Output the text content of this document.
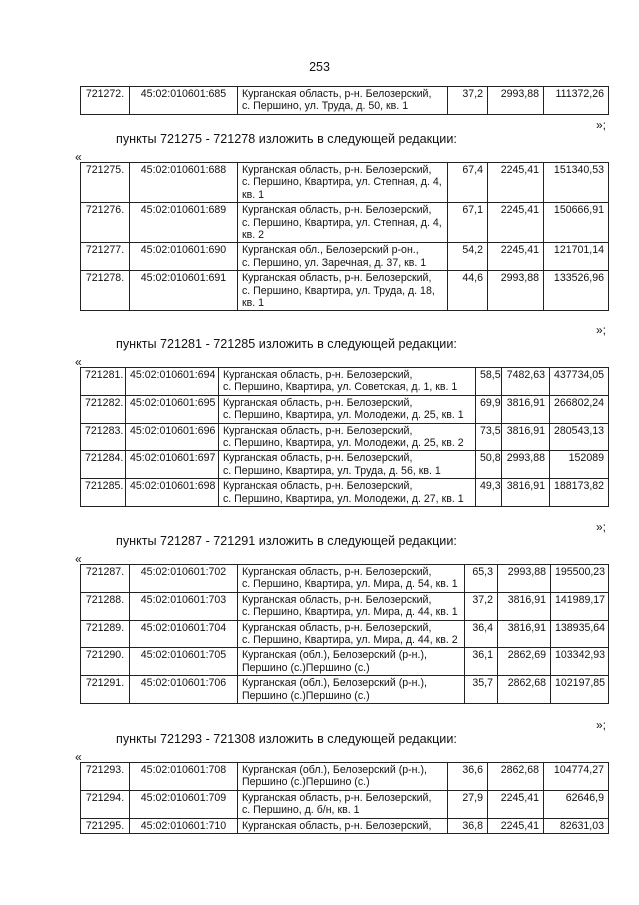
253
721272.	45:02:010601:685	Курганская область, р-н. Белозерский,
с. Першино, ул. Труда, д. 50, кв. 1	37,2	2993,88	111372,26
»;
пункты 721275 - 721278 изложить в следующей редакции:
«
721275.	45:02:010601:688	Курганская область, р-н. Белозерский,
с. Першино, Квартира, ул. Степная, д. 4,
кв. 1	67,4	2245,41	151340,53
721276.	45:02:010601:689	Курганская область, р-н. Белозерский,
с. Першино, Квартира, ул. Степная, д. 4,
кв. 2	67,1	2245,41	150666,91
721277.	45:02:010601:690	Курганская обл., Белозерский р-он.,
с. Першино, ул. Заречная, д. 37, кв. 1	54,2	2245,41	121701,14
721278.	45:02:010601:691	Курганская область, р-н. Белозерский,
с. Першино, Квартира, ул. Труда, д. 18,
кв. 1	44,6	2993,88	133526,96
»;
пункты 721281 - 721285 изложить в следующей редакции:
«
721281.	45:02:010601:694	Курганская область, р-н. Белозерский,
с. Першино, Квартира, ул. Советская, д. 1, кв. 1	58,5	7482,63	437734,05
721282.	45:02:010601:695	Курганская область, р-н. Белозерский,
с. Першино, Квартира, ул. Молодежи, д. 25, кв. 1	69,9	3816,91	266802,24
721283.	45:02:010601:696	Курганская область, р-н. Белозерский,
с. Першино, Квартира, ул. Молодежи, д. 25, кв. 2	73,5	3816,91	280543,13
721284.	45:02:010601:697	Курганская область, р-н. Белозерский,
с. Першино, Квартира, ул. Труда, д. 56, кв. 1	50,8	2993,88	152089
721285.	45:02:010601:698	Курганская область, р-н. Белозерский,
с. Першино, Квартира, ул. Молодежи, д. 27, кв. 1	49,3	3816,91	188173,82
»;
пункты 721287 - 721291 изложить в следующей редакции:
«
721287.	45:02:010601:702	Курганская область, р-н. Белозерский,
с. Першино, Квартира, ул. Мира, д. 54, кв. 1	65,3	2993,88	195500,23
721288.	45:02:010601:703	Курганская область, р-н. Белозерский,
с. Першино, Квартира, ул. Мира, д. 44, кв. 1	37,2	3816,91	141989,17
721289.	45:02:010601:704	Курганская область, р-н. Белозерский,
с. Першино, Квартира, ул. Мира, д. 44, кв. 2	36,4	3816,91	138935,64
721290.	45:02:010601:705	Курганская (обл.), Белозерский (р-н.),
Першино (с.)Першино (с.)	36,1	2862,69	103342,93
721291.	45:02:010601:706	Курганская (обл.), Белозерский (р-н.),
Першино (с.)Першино (с.)	35,7	2862,68	102197,85
»;
пункты 721293 - 721308 изложить в следующей редакции:
«
721293.	45:02:010601:708	Курганская (обл.), Белозерский (р-н.),
Першино (с.)Першино (с.)	36,6	2862,68	104774,27
721294.	45:02:010601:709	Курганская область, р-н. Белозерский,
с. Першино, д. б/н, кв. 1	27,9	2245,41	62646,9
721295.	45:02:010601:710	Курганская область, р-н. Белозерский,	36,8	2245,41	82631,03
